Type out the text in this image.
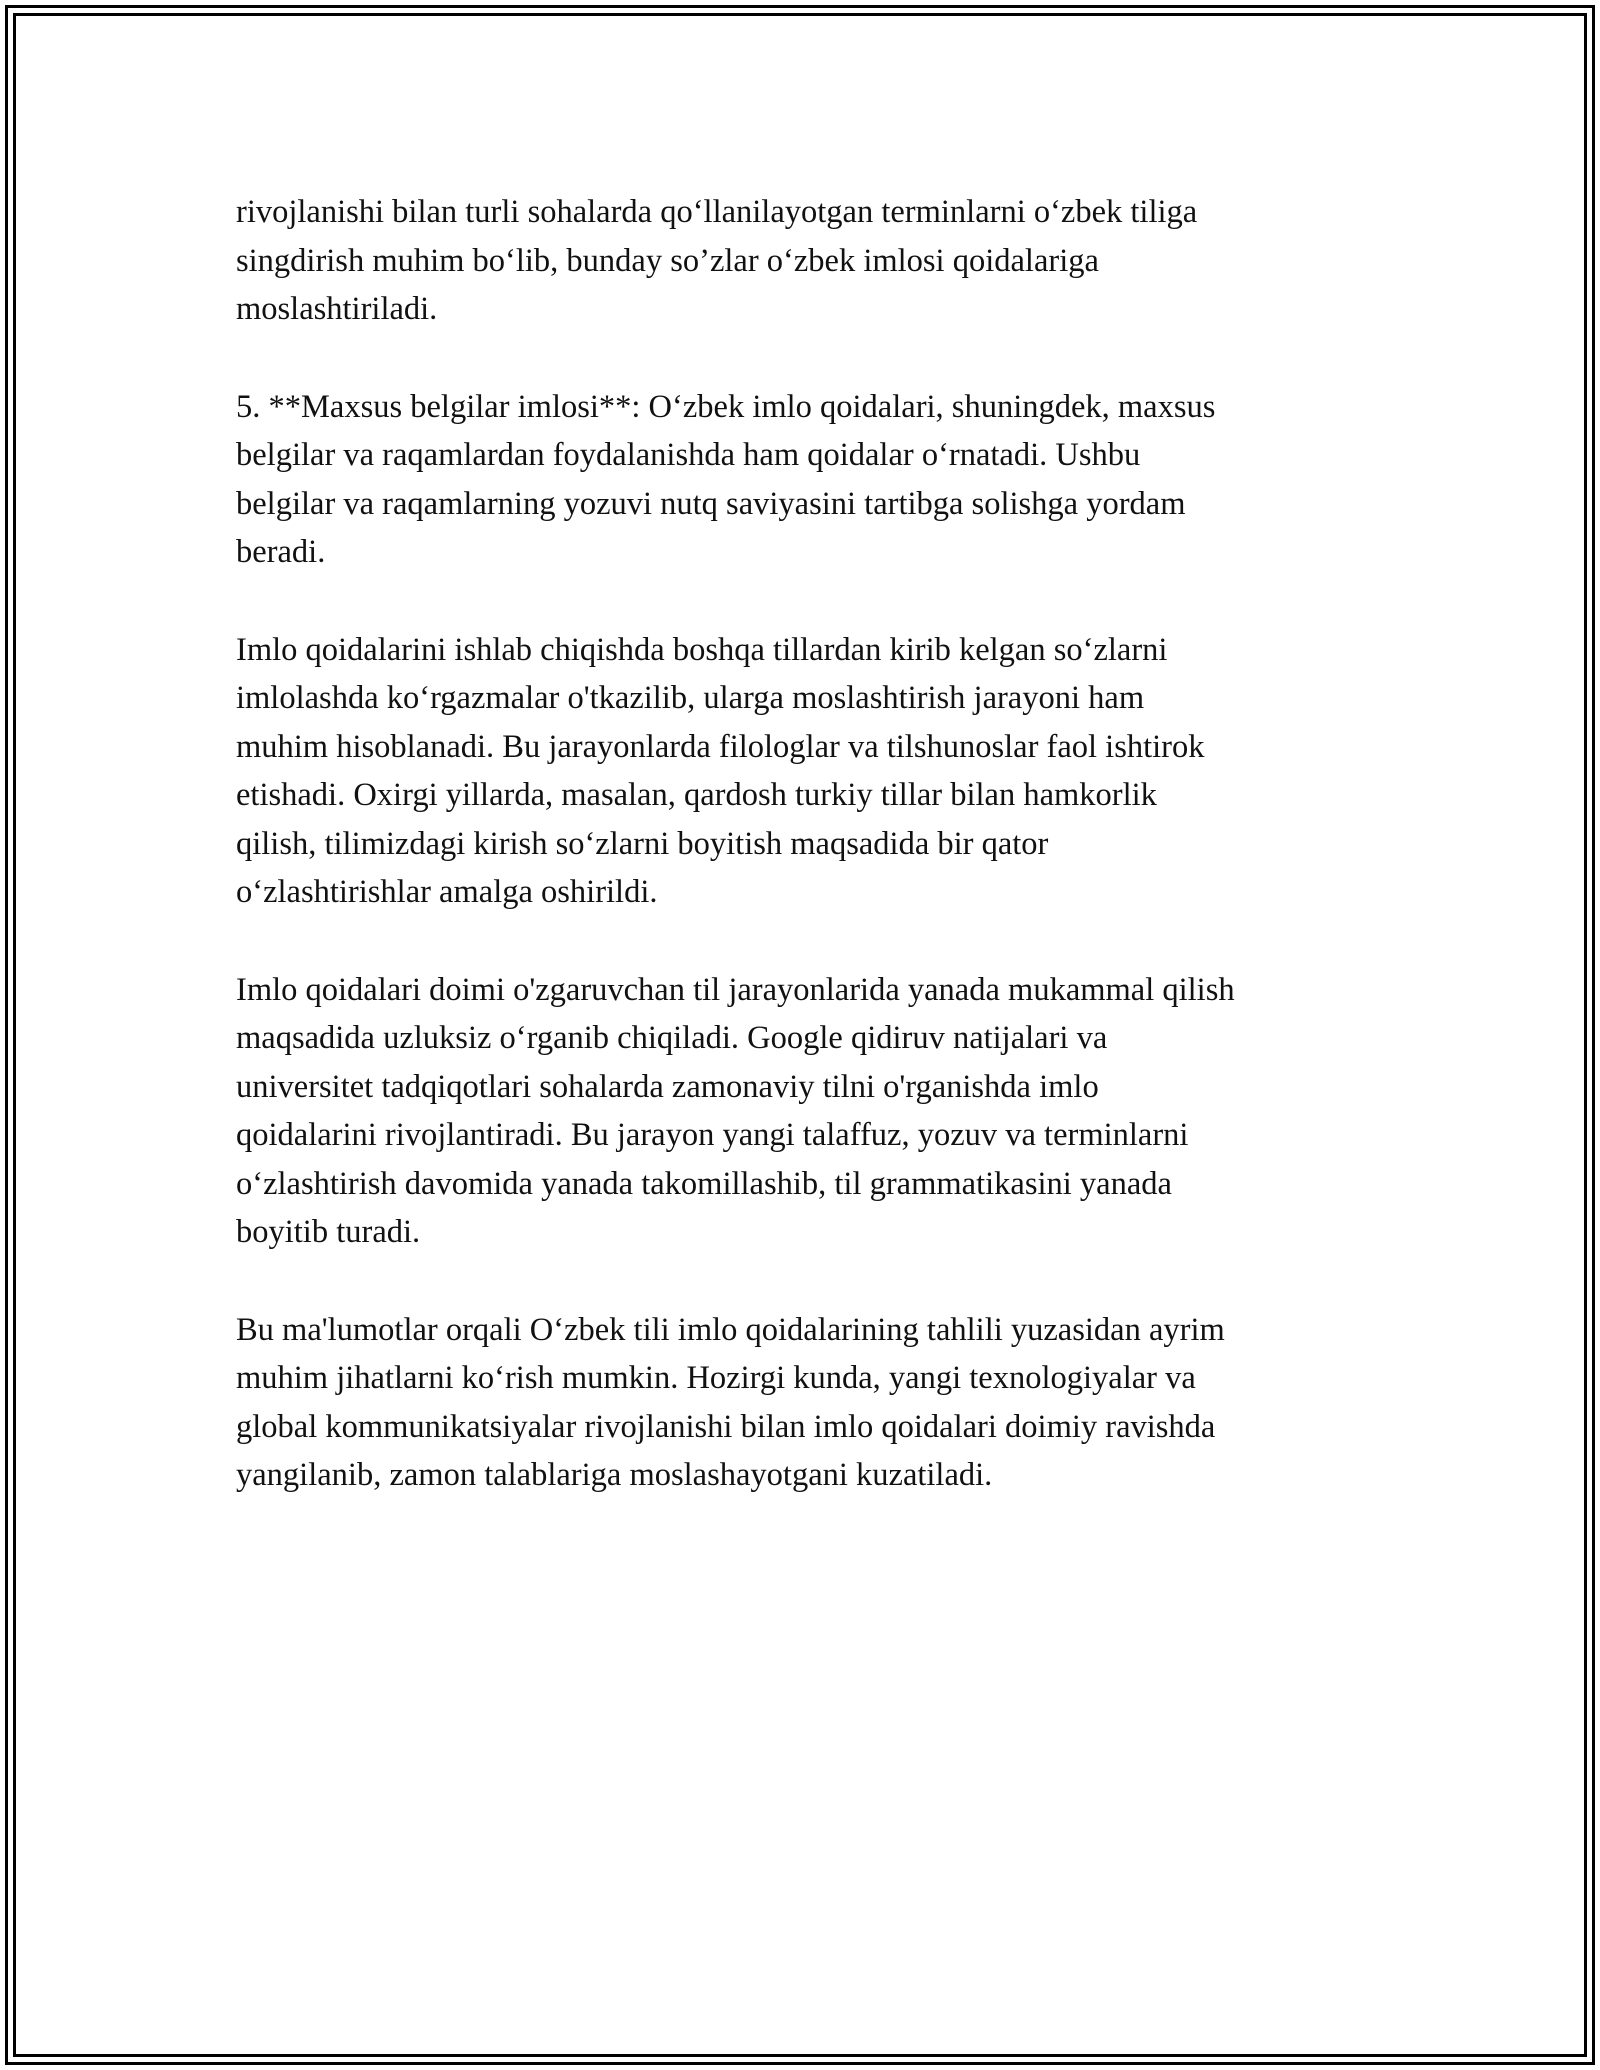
rivojlanishi bilan turli sohalarda qo‘llanilayotgan terminlarni o‘zbek tiliga
singdirish muhim bo‘lib, bunday so’zlar o‘zbek imlosi qoidalariga
moslashtiriladi.

5. **Maxsus belgilar imlosi**: O‘zbek imlo qoidalari, shuningdek, maxsus
belgilar va raqamlardan foydalanishda ham qoidalar o‘rnatadi. Ushbu
belgilar va raqamlarning yozuvi nutq saviyasini tartibga solishga yordam
beradi.

Imlo qoidalarini ishlab chiqishda boshqa tillardan kirib kelgan so‘zlarni
imlolashda ko‘rgazmalar o'tkazilib, ularga moslashtirish jarayoni ham
muhim hisoblanadi. Bu jarayonlarda filologlar va tilshunoslar faol ishtirok
etishadi. Oxirgi yillarda, masalan, qardosh turkiy tillar bilan hamkorlik
qilish, tilimizdagi kirish so‘zlarni boyitish maqsadida bir qator
o‘zlashtirishlar amalga oshirildi.

Imlo qoidalari doimi o'zgaruvchan til jarayonlarida yanada mukammal qilish
maqsadida uzluksiz o‘rganib chiqiladi. Google qidiruv natijalari va
universitet tadqiqotlari sohalarda zamonaviy tilni o'rganishda imlo
qoidalarini rivojlantiradi. Bu jarayon yangi talaffuz, yozuv va terminlarni
o‘zlashtirish davomida yanada takomillashib, til grammatikasini yanada
boyitib turadi.

Bu ma'lumotlar orqali O‘zbek tili imlo qoidalarining tahlili yuzasidan ayrim
muhim jihatlarni ko‘rish mumkin. Hozirgi kunda, yangi texnologiyalar va
global kommunikatsiyalar rivojlanishi bilan imlo qoidalari doimiy ravishda
yangilanib, zamon talablariga moslashayotgani kuzatiladi.
